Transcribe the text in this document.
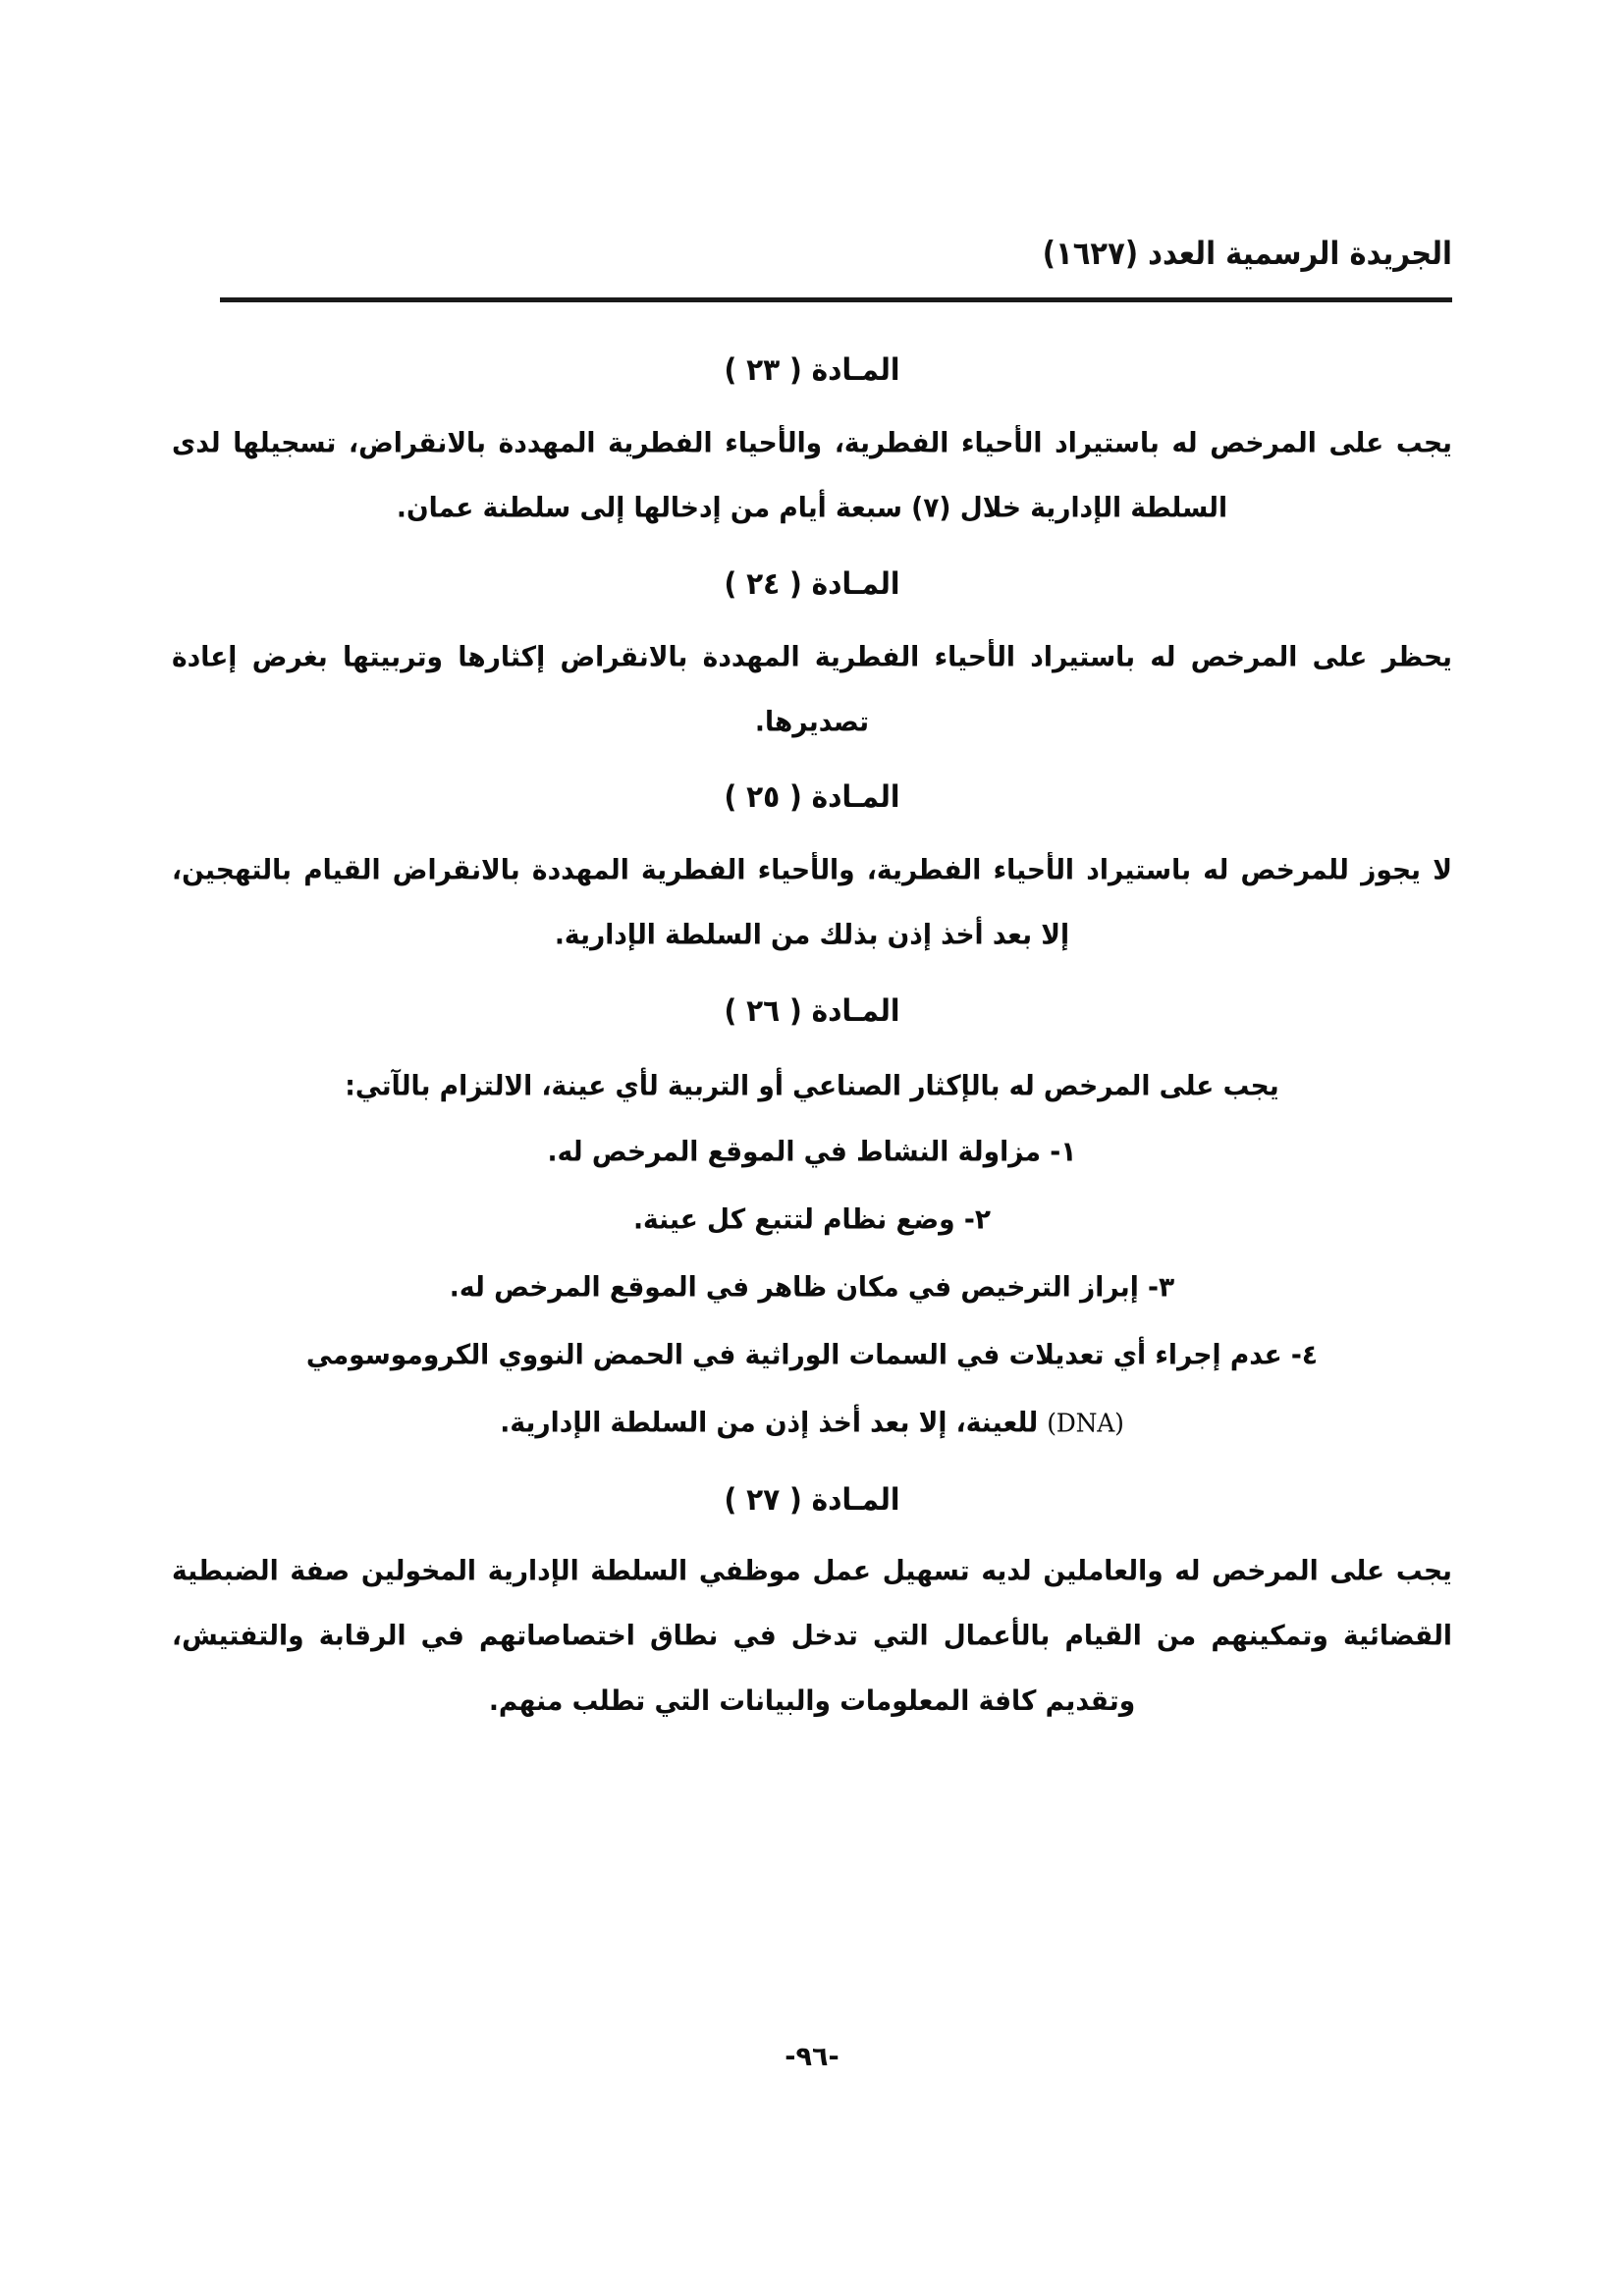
الجريدة الرسمية العدد (١٦٢٧)
المـادة ( ٢٣ )

يجب على المرخص له باستيراد الأحياء الفطرية، والأحياء الفطرية المهددة بالانقراض، تسجيلها لدى السلطة الإدارية خلال (٧) سبعة أيام من إدخالها إلى سلطنة عمان.

المـادة ( ٢٤ )

يحظر على المرخص له باستيراد الأحياء الفطرية المهددة بالانقراض إكثارها وتربيتها بغرض إعادة تصديرها.

المـادة ( ٢٥ )

لا يجوز للمرخص له باستيراد الأحياء الفطرية، والأحياء الفطرية المهددة بالانقراض القيام بالتهجين، إلا بعد أخذ إذن بذلك من السلطة الإدارية.

المـادة ( ٢٦ )

يجب على المرخص له بالإكثار الصناعي أو التربية لأي عينة، الالتزام بالآتي:

١- مزاولة النشاط في الموقع المرخص له.
٢- وضع نظام لتتبع كل عينة.
٣- إبراز الترخيص في مكان ظاهر في الموقع المرخص له.
٤- عدم إجراء أي تعديلات في السمات الوراثية في الحمض النووي الكروموسومي
(DNA) للعينة، إلا بعد أخذ إذن من السلطة الإدارية.
المـادة ( ٢٧ )

يجب على المرخص له والعاملين لديه تسهيل عمل موظفي السلطة الإدارية المخولين صفة الضبطية القضائية وتمكينهم من القيام بالأعمال التي تدخل في نطاق اختصاصاتهم في الرقابة والتفتيش، وتقديم كافة المعلومات والبيانات التي تطلب منهم.

-٩٦-
